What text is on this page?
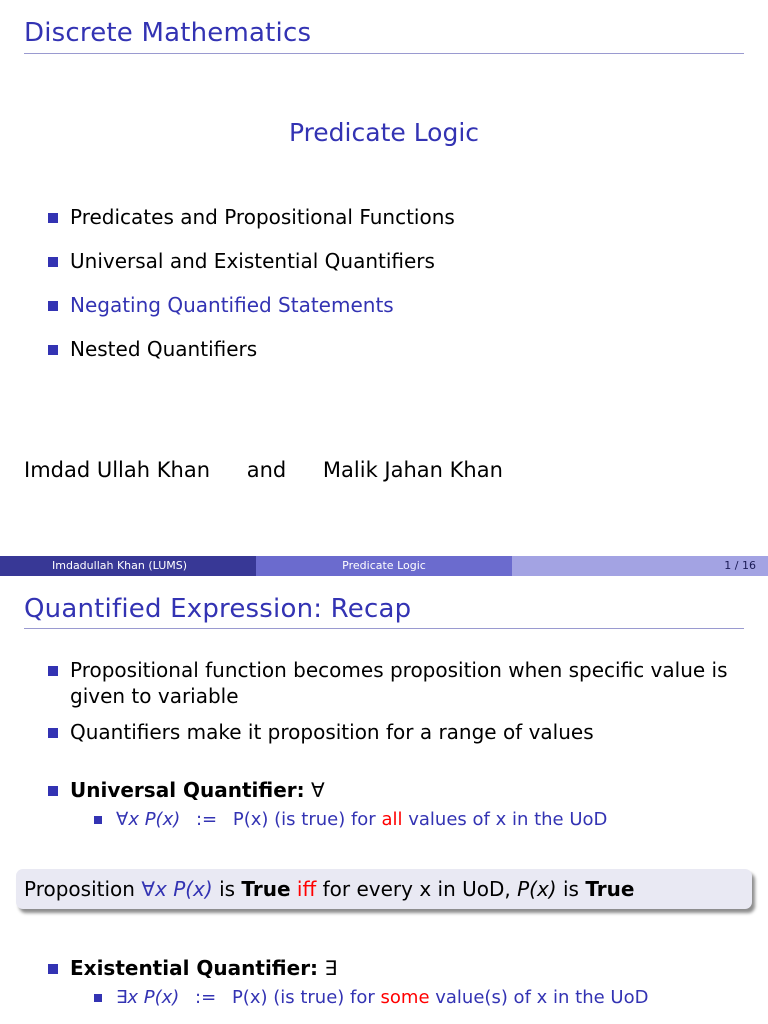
Discrete Mathematics
Predicate Logic
Predicates and Propositional Functions
Universal and Existential Quantifiers
Negating Quantified Statements
Nested Quantifiers
Imdad Ullah Khan and Malik Jahan Khan
Imdadullah Khan (LUMS)	Predicate Logic	1 / 16
Quantified Expression: Recap
Propositional function becomes proposition when specific value is
given to variable
Quantifiers make it proposition for a range of values
Universal Quantifier: ∀
∀x P(x) := P(x) (is true) for all values of x in the UoD
Proposition ∀x P(x) is True iff for every x in UoD, P(x) is True
Existential Quantifier: ∃
∃x P(x) := P(x) (is true) for some value(s) of x in the UoD
